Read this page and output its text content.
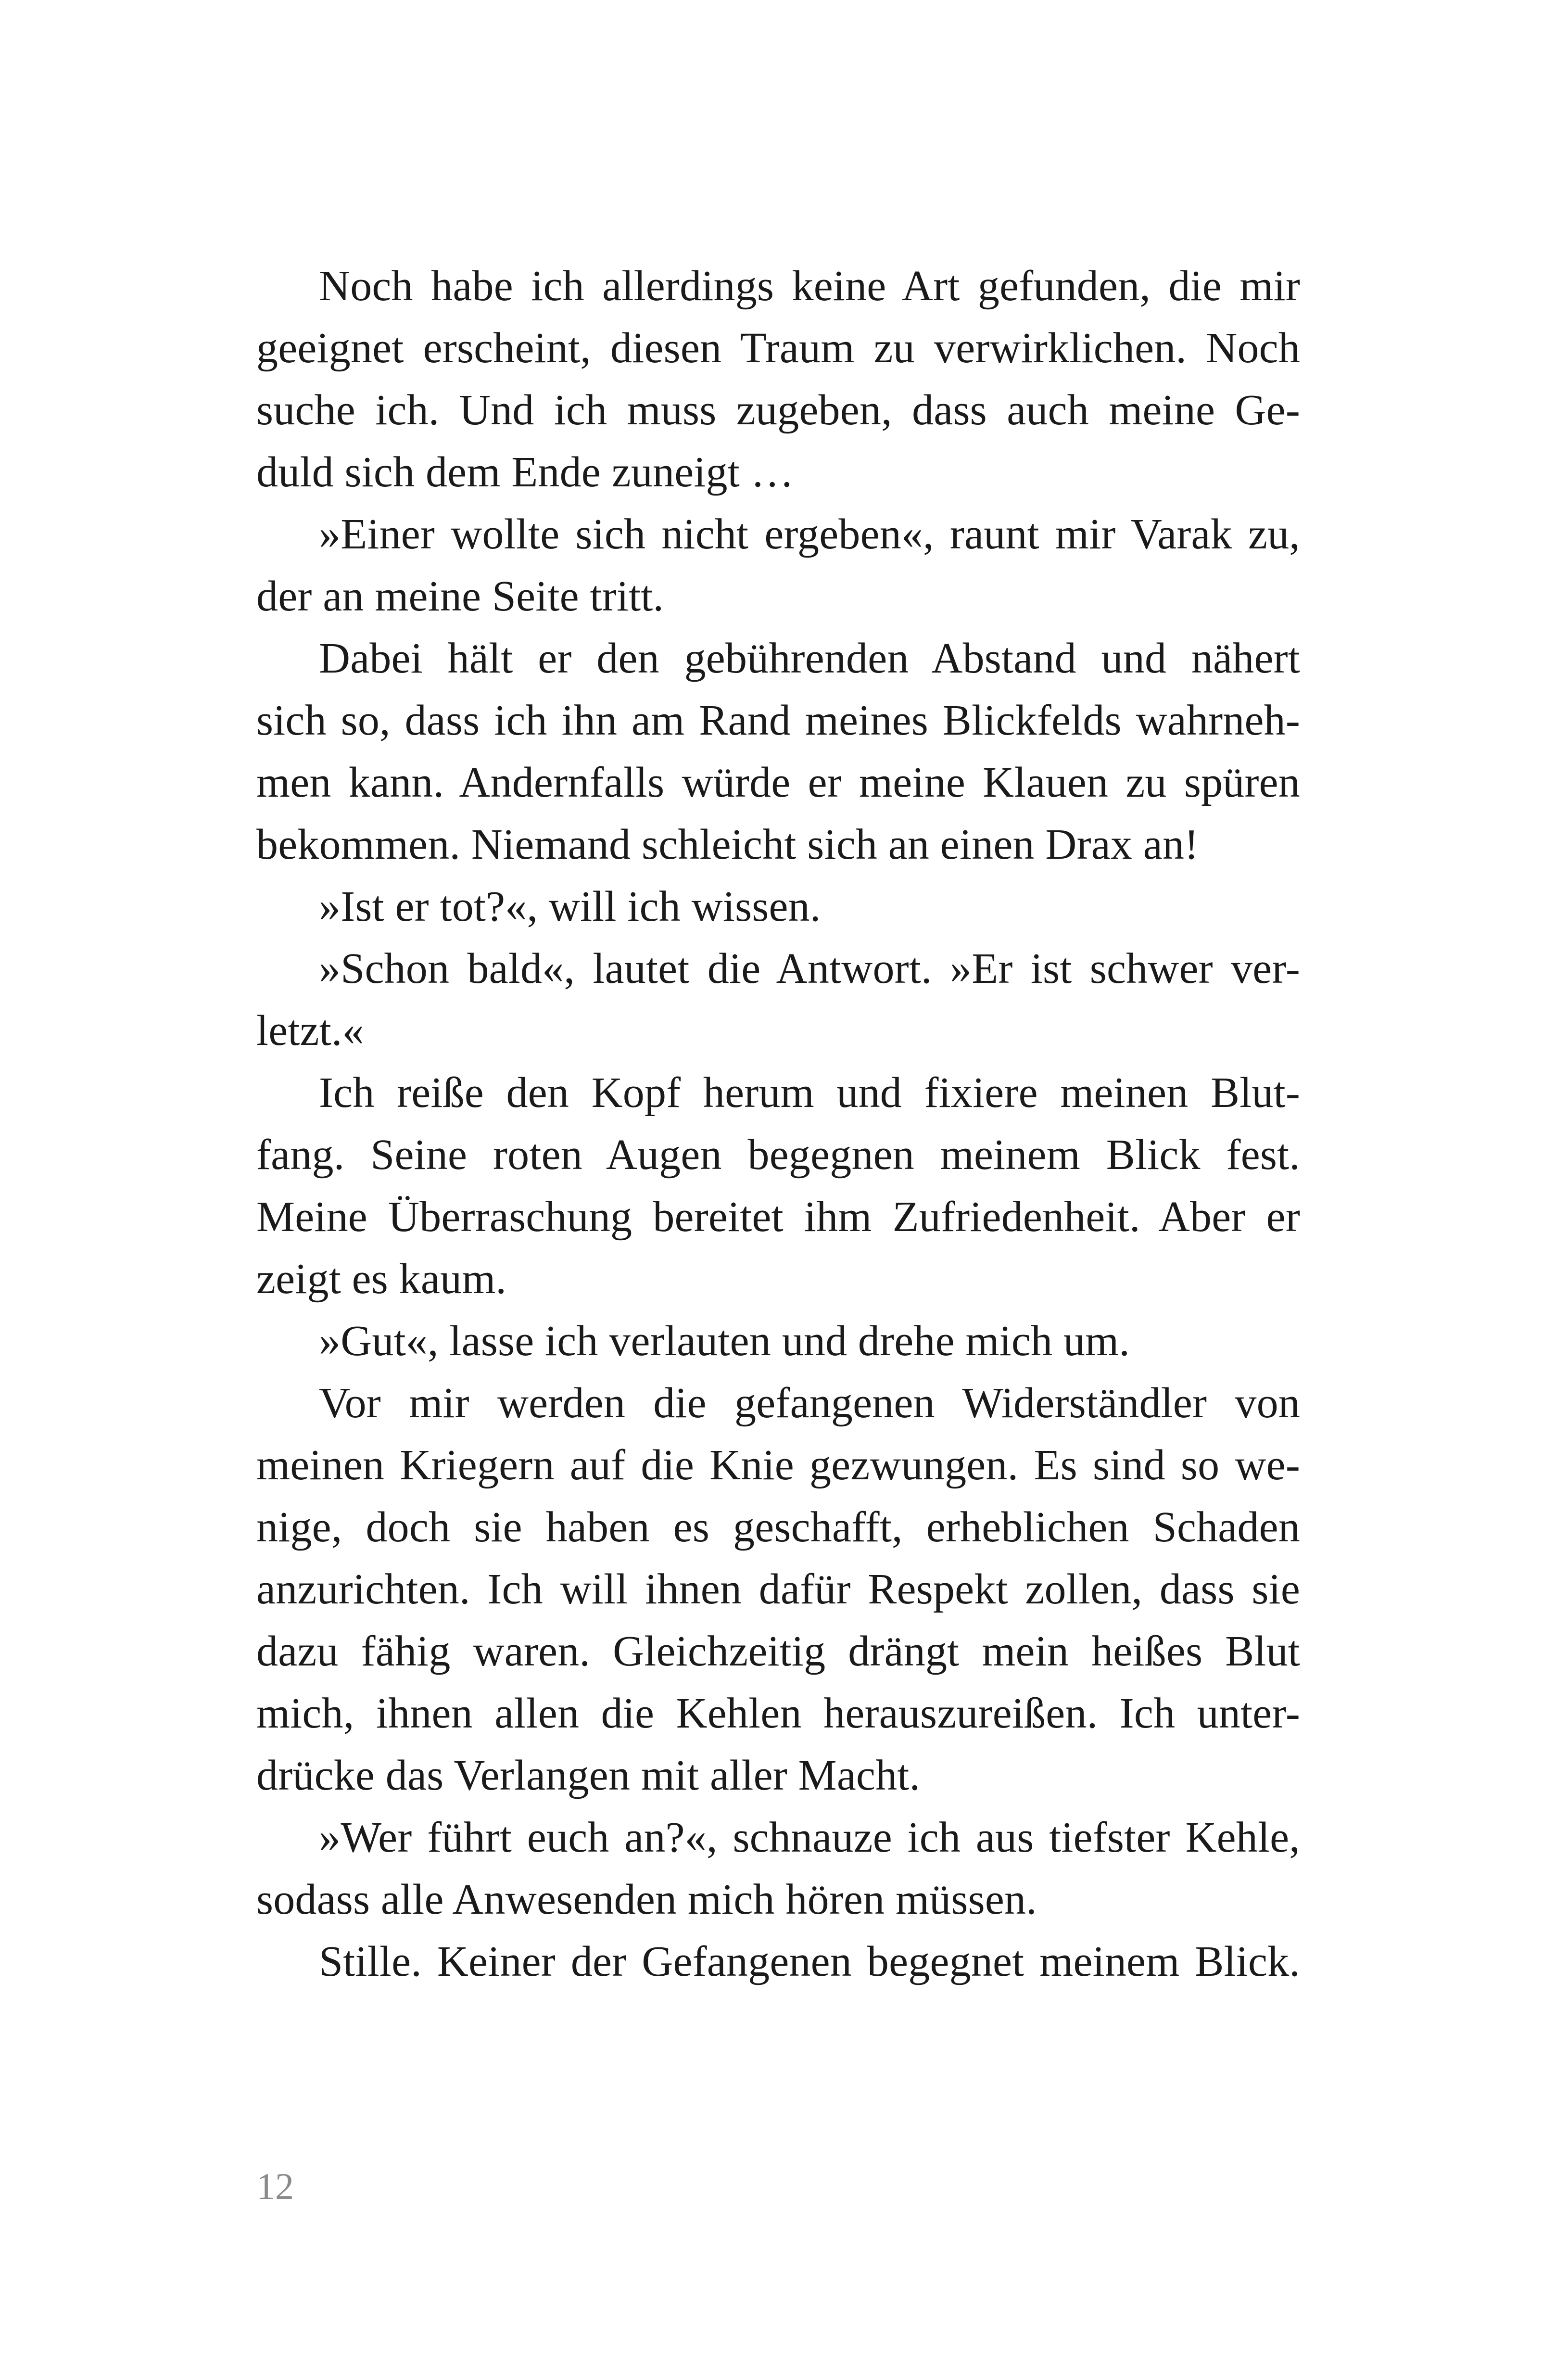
Noch habe ich allerdings keine Art gefunden, die mir
geeignet erscheint, diesen Traum zu verwirklichen. Noch
suche ich. Und ich muss zugeben, dass auch meine Ge-
duld sich dem Ende zuneigt …
»Einer wollte sich nicht ergeben«, raunt mir Varak zu,
der an meine Seite tritt.
Dabei hält er den gebührenden Abstand und nähert
sich so, dass ich ihn am Rand meines Blickfelds wahrneh-
men kann. Andernfalls würde er meine Klauen zu spüren
bekommen. Niemand schleicht sich an einen Drax an!
»Ist er tot?«, will ich wissen.
»Schon bald«, lautet die Antwort. »Er ist schwer ver-
letzt.«
Ich reiße den Kopf herum und fixiere meinen Blut-
fang. Seine roten Augen begegnen meinem Blick fest.
Meine Überraschung bereitet ihm Zufriedenheit. Aber er
zeigt es kaum.
»Gut«, lasse ich verlauten und drehe mich um.
Vor mir werden die gefangenen Widerständler von
meinen Kriegern auf die Knie gezwungen. Es sind so we-
nige, doch sie haben es geschafft, erheblichen Schaden
anzurichten. Ich will ihnen dafür Respekt zollen, dass sie
dazu fähig waren. Gleichzeitig drängt mein heißes Blut
mich, ihnen allen die Kehlen herauszureißen. Ich unter-
drücke das Verlangen mit aller Macht.
»Wer führt euch an?«, schnauze ich aus tiefster Kehle,
sodass alle Anwesenden mich hören müssen.
Stille. Keiner der Gefangenen begegnet meinem Blick.
12
